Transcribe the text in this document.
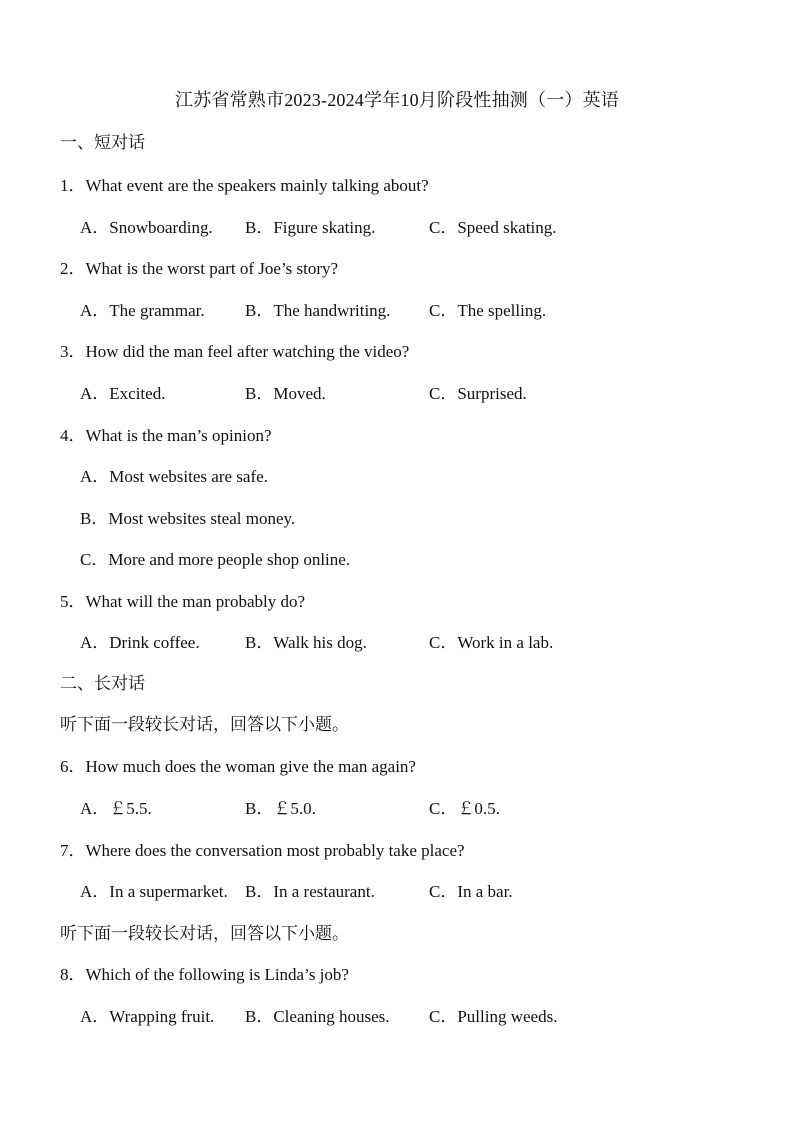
江苏省常熟市2023-2024学年10月阶段性抽测（一）英语
一、短对话
1．What event are the speakers mainly talking about?
A．Snowboarding. B．Figure skating.	C．Speed skating.
2．What is the worst part of Joe’s story?
A．The grammar. B．The handwriting. C．The spelling.
3．How did the man feel after watching the video?
A．Excited.	B．Moved.	C．Surprised.
4．What is the man’s opinion?
A．Most websites are safe.
B．Most websites steal money.
C．More and more people shop online.
5．What will the man probably do?
A．Drink coffee.	B．Walk his dog.	C．Work in a lab.
二、长对话
听下面一段较长对话，回答以下小题。
6．How much does the woman give the man again?
A．￡5.5.	B．￡5.0.	C．￡0.5.
7．Where does the conversation most probably take place?
A．In a supermarket. B．In a restaurant.	C．In a bar.
听下面一段较长对话，回答以下小题。
8．Which of the following is Linda’s job?
A．Wrapping fruit. B．Cleaning houses. C．Pulling weeds.
